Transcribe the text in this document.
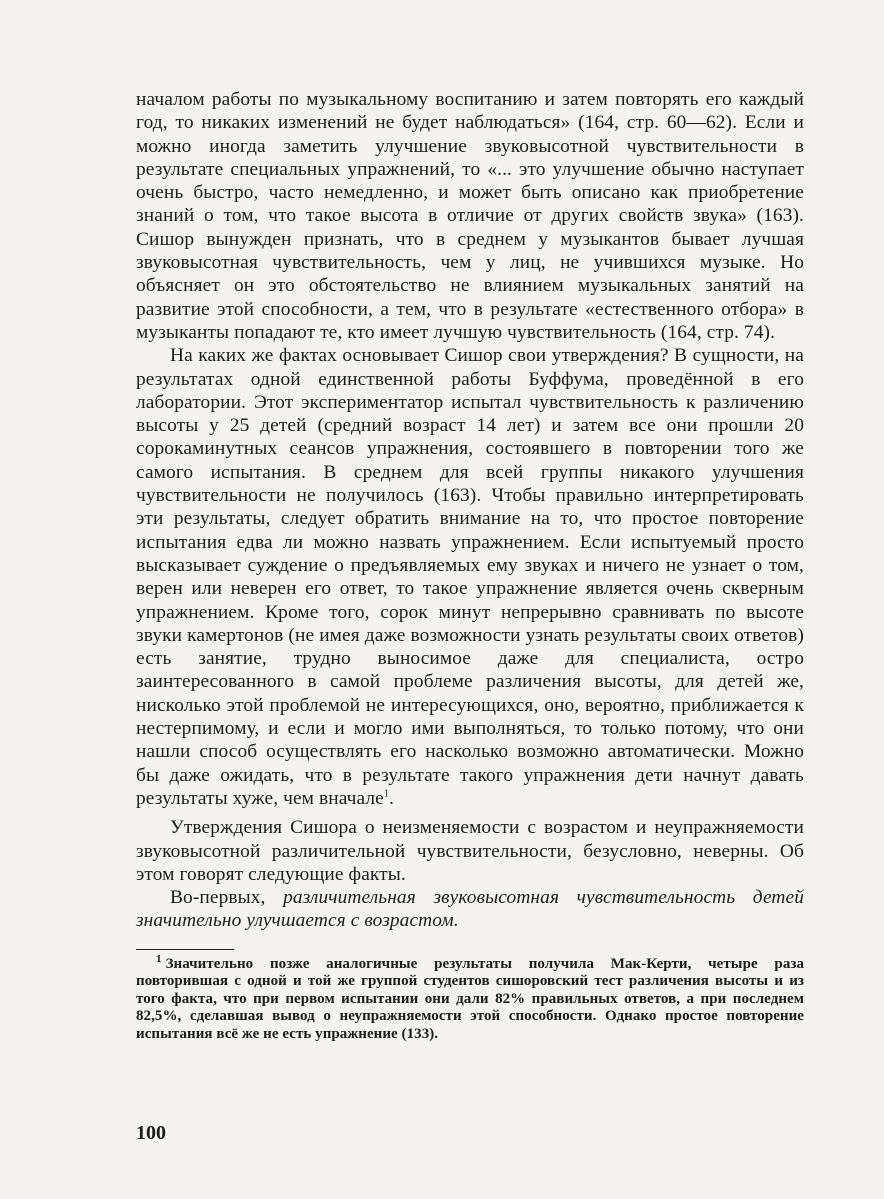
началом работы по музыкальному воспитанию и затем повторять его каждый год, то никаких изменений не будет наблюдаться» (164, стр. 60—62). Если и можно иногда заметить улучшение звуковысотной чувствительности в результате специальных упражнений, то «... это улучшение обычно наступает очень быстро, часто немедленно, и может быть описано как приобретение знаний о том, что такое высота в отличие от других свойств звука» (163). Сишор вынужден признать, что в среднем у музыкантов бывает лучшая звуковысотная чувствительность, чем у лиц, не учившихся музыке. Но объясняет он это обстоятельство не влиянием музыкальных занятий на развитие этой способности, а тем, что в результате «естественного отбора» в музыканты попадают те, кто имеет лучшую чувствительность (164, стр. 74).

На каких же фактах основывает Сишор свои утверждения? В сущности, на результатах одной единственной работы Буффума, проведённой в его лаборатории. Этот экспериментатор испытал чувствительность к различению высоты у 25 детей (средний возраст 14 лет) и затем все они прошли 20 сорокаминутных сеансов упражнения, состоявшего в повторении того же самого испытания. В среднем для всей группы никакого улучшения чувствительности не получилось (163). Чтобы правильно интерпретировать эти результаты, следует обратить внимание на то, что простое повторение испытания едва ли можно назвать упражнением. Если испытуемый просто высказывает суждение о предъявляемых ему звуках и ничего не узнает о том, верен или неверен его ответ, то такое упражнение является очень скверным упражнением. Кроме того, сорок минут непрерывно сравнивать по высоте звуки камертонов (не имея даже возможности узнать результаты своих ответов) есть занятие, трудно выносимое даже для специалиста, остро заинтересованного в самой проблеме различения высоты, для детей же, нисколько этой проблемой не интересующихся, оно, вероятно, приближается к нестерпимому, и если и могло ими выполняться, то только потому, что они нашли способ осуществлять его насколько возможно автоматически. Можно бы даже ожидать, что в результате такого упражнения дети начнут давать результаты хуже, чем вначале$^1$.

Утверждения Сишора о неизменяемости с возрастом и неупражняемости звуковысотной различительной чувствительности, безусловно, неверны. Об этом говорят следующие факты.

Во-первых, различительная звуковысотная чувствительность детей значительно улучшается с возрастом.

$^1$ Значительно позже аналогичные результаты получила Мак-Керти, четыре раза повторившая с одной и той же группой студентов сишоровский тест различения высоты и из того факта, что при первом испытании они дали 82% правильных ответов, а при последнем 82,5%, сделавшая вывод о неупражняемости этой способности. Однако простое повторение испытания всё же не есть упражнение (133).

100
